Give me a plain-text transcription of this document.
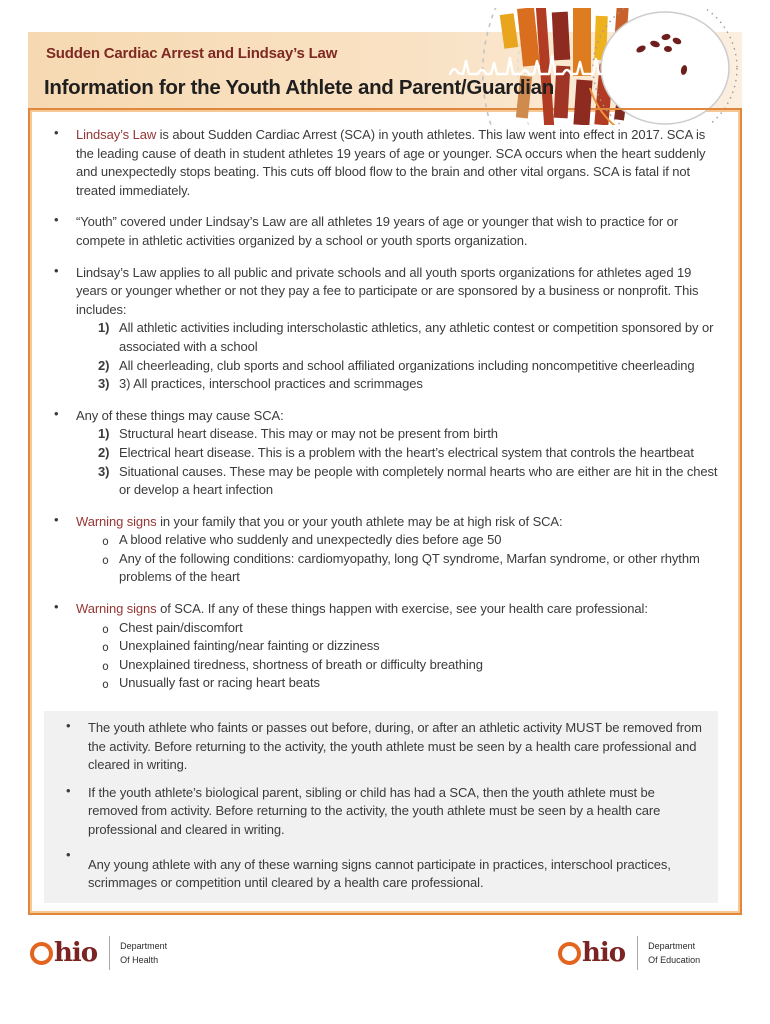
Sudden Cardiac Arrest and Lindsay’s Law
Information for the Youth Athlete and Parent/Guardian
• Lindsay’s Law is about Sudden Cardiac Arrest (SCA) in youth athletes. This law went into effect in 2017. SCA is the leading cause of death in student athletes 19 years of age or younger. SCA occurs when the heart suddenly and unexpectedly stops beating. This cuts off blood flow to the brain and other vital organs. SCA is fatal if not treated immediately.
• “Youth” covered under Lindsay’s Law are all athletes 19 years of age or younger that wish to practice for or compete in athletic activities organized by a school or youth sports organization.
• Lindsay’s Law applies to all public and private schools and all youth sports organizations for athletes aged 19 years or younger whether or not they pay a fee to participate or are sponsored by a business or nonprofit. This includes:
1) All athletic activities including interscholastic athletics, any athletic contest or competition sponsored by or associated with a school
2) All cheerleading, club sports and school affiliated organizations including noncompetitive cheerleading
3) 3) All practices, interschool practices and scrimmages
• Any of these things may cause SCA:
1) Structural heart disease. This may or may not be present from birth
2) Electrical heart disease. This is a problem with the heart’s electrical system that controls the heartbeat
3) Situational causes. These may be people with completely normal hearts who are either are hit in the chest or develop a heart infection
• Warning signs in your family that you or your youth athlete may be at high risk of SCA:
o A blood relative who suddenly and unexpectedly dies before age 50
o Any of the following conditions: cardiomyopathy, long QT syndrome, Marfan syndrome, or other rhythm problems of the heart
• Warning signs of SCA. If any of these things happen with exercise, see your health care professional:
o Chest pain/discomfort
o Unexplained fainting/near fainting or dizziness
o Unexplained tiredness, shortness of breath or difficulty breathing
o Unusually fast or racing heart beats
• The youth athlete who faints or passes out before, during, or after an athletic activity MUST be removed from the activity. Before returning to the activity, the youth athlete must be seen by a health care professional and cleared in writing.
• If the youth athlete’s biological parent, sibling or child has had a SCA, then the youth athlete must be removed from activity. Before returning to the activity, the youth athlete must be seen by a health care professional and cleared in writing.
•
Any young athlete with any of these warning signs cannot participate in practices, interschool practices, scrimmages or competition until cleared by a health care professional.
hio	Department
Of Health	hio	Department
Of Education
